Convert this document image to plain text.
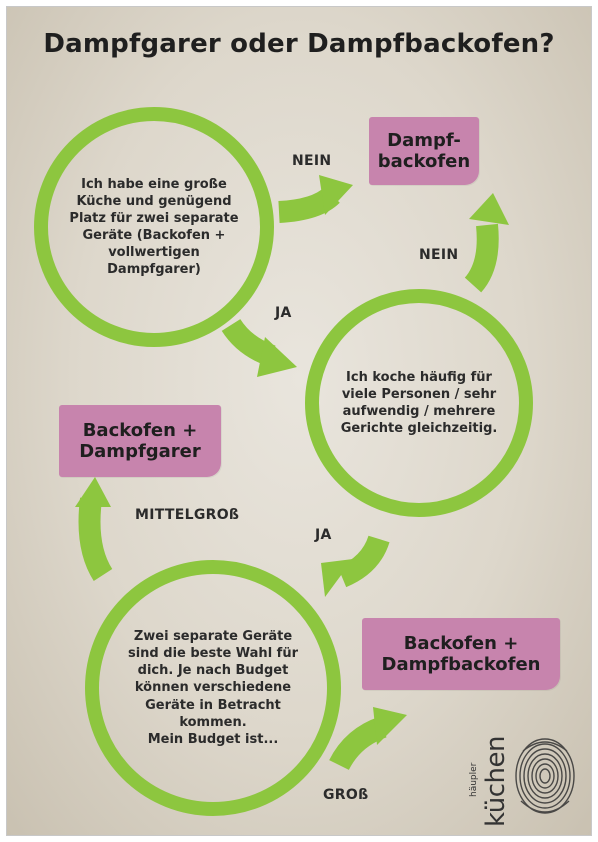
Dampfgarer oder Dampfbackofen?
Ich habe eine große
Küche und genügend
Platz für zwei separate
Geräte (Backofen +
vollwertigen
Dampfgarer)
Ich koche häufig für
viele Personen / sehr
aufwendig / mehrere
Gerichte gleichzeitig.
Zwei separate Geräte
sind die beste Wahl für
dich. Je nach Budget
können verschiedene
Geräte in Betracht
kommen.
Mein Budget ist...
Dampf-
backofen
Backofen +
Dampfgarer
Backofen +
Dampfbackofen
NEIN
JA
NEIN
JA
MITTELGROß
GROß	häupler küchen
